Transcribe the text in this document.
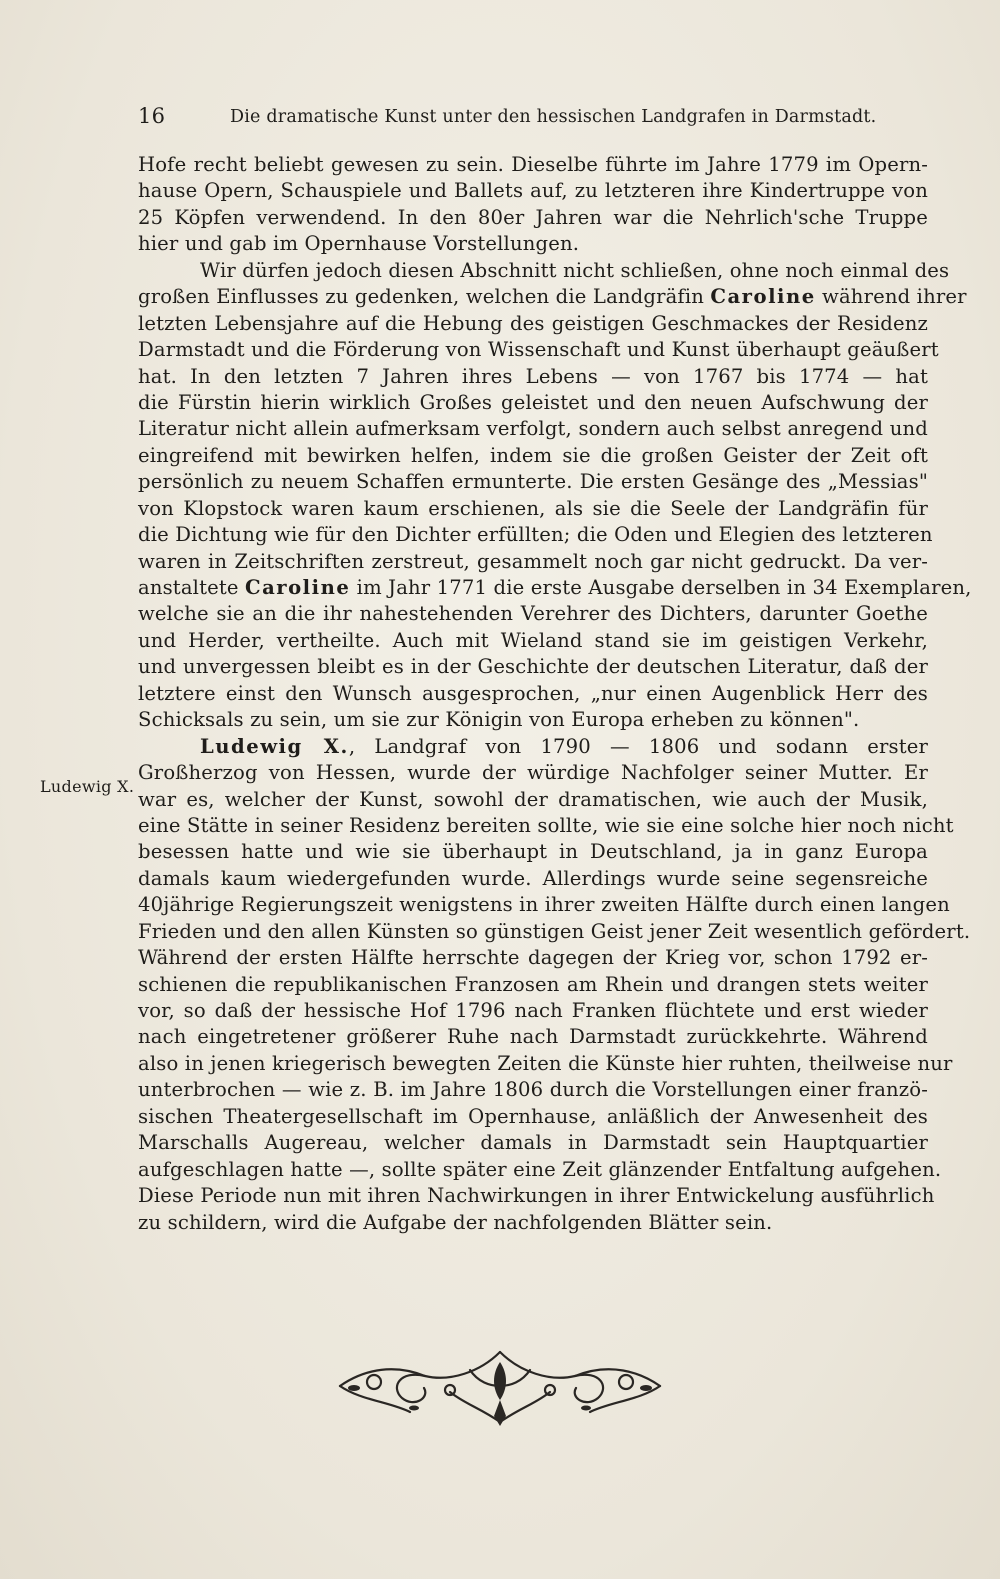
16	Die dramatische Kunst unter den hessischen Landgrafen in Darmstadt.
Ludewig X.
Hofe recht beliebt gewesen zu sein. Dieselbe führte im Jahre 1779 im Opern-
hause Opern, Schauspiele und Ballets auf, zu letzteren ihre Kindertruppe von
25 Köpfen verwendend. In den 80er Jahren war die Nehrlich'sche Truppe
hier und gab im Opernhause Vorstellungen.
Wir dürfen jedoch diesen Abschnitt nicht schließen, ohne noch einmal des
großen Einflusses zu gedenken, welchen die Landgräfin Caroline während ihrer
letzten Lebensjahre auf die Hebung des geistigen Geschmackes der Residenz
Darmstadt und die Förderung von Wissenschaft und Kunst überhaupt geäußert
hat. In den letzten 7 Jahren ihres Lebens — von 1767 bis 1774 — hat
die Fürstin hierin wirklich Großes geleistet und den neuen Aufschwung der
Literatur nicht allein aufmerksam verfolgt, sondern auch selbst anregend und
eingreifend mit bewirken helfen, indem sie die großen Geister der Zeit oft
persönlich zu neuem Schaffen ermunterte. Die ersten Gesänge des „Messias"
von Klopstock waren kaum erschienen, als sie die Seele der Landgräfin für
die Dichtung wie für den Dichter erfüllten; die Oden und Elegien des letzteren
waren in Zeitschriften zerstreut, gesammelt noch gar nicht gedruckt. Da ver-
anstaltete Caroline im Jahr 1771 die erste Ausgabe derselben in 34 Exemplaren,
welche sie an die ihr nahestehenden Verehrer des Dichters, darunter Goethe
und Herder, vertheilte. Auch mit Wieland stand sie im geistigen Verkehr,
und unvergessen bleibt es in der Geschichte der deutschen Literatur, daß der
letztere einst den Wunsch ausgesprochen, „nur einen Augenblick Herr des
Schicksals zu sein, um sie zur Königin von Europa erheben zu können".
Ludewig X., Landgraf von 1790 — 1806 und sodann erster
Großherzog von Hessen, wurde der würdige Nachfolger seiner Mutter. Er
war es, welcher der Kunst, sowohl der dramatischen, wie auch der Musik,
eine Stätte in seiner Residenz bereiten sollte, wie sie eine solche hier noch nicht
besessen hatte und wie sie überhaupt in Deutschland, ja in ganz Europa
damals kaum wiedergefunden wurde. Allerdings wurde seine segensreiche
40jährige Regierungszeit wenigstens in ihrer zweiten Hälfte durch einen langen
Frieden und den allen Künsten so günstigen Geist jener Zeit wesentlich gefördert.
Während der ersten Hälfte herrschte dagegen der Krieg vor, schon 1792 er-
schienen die republikanischen Franzosen am Rhein und drangen stets weiter
vor, so daß der hessische Hof 1796 nach Franken flüchtete und erst wieder
nach eingetretener größerer Ruhe nach Darmstadt zurückkehrte. Während
also in jenen kriegerisch bewegten Zeiten die Künste hier ruhten, theilweise nur
unterbrochen — wie z. B. im Jahre 1806 durch die Vorstellungen einer franzö-
sischen Theatergesellschaft im Opernhause, anläßlich der Anwesenheit des
Marschalls Augereau, welcher damals in Darmstadt sein Hauptquartier
aufgeschlagen hatte —, sollte später eine Zeit glänzender Entfaltung aufgehen.
Diese Periode nun mit ihren Nachwirkungen in ihrer Entwickelung ausführlich
zu schildern, wird die Aufgabe der nachfolgenden Blätter sein.
